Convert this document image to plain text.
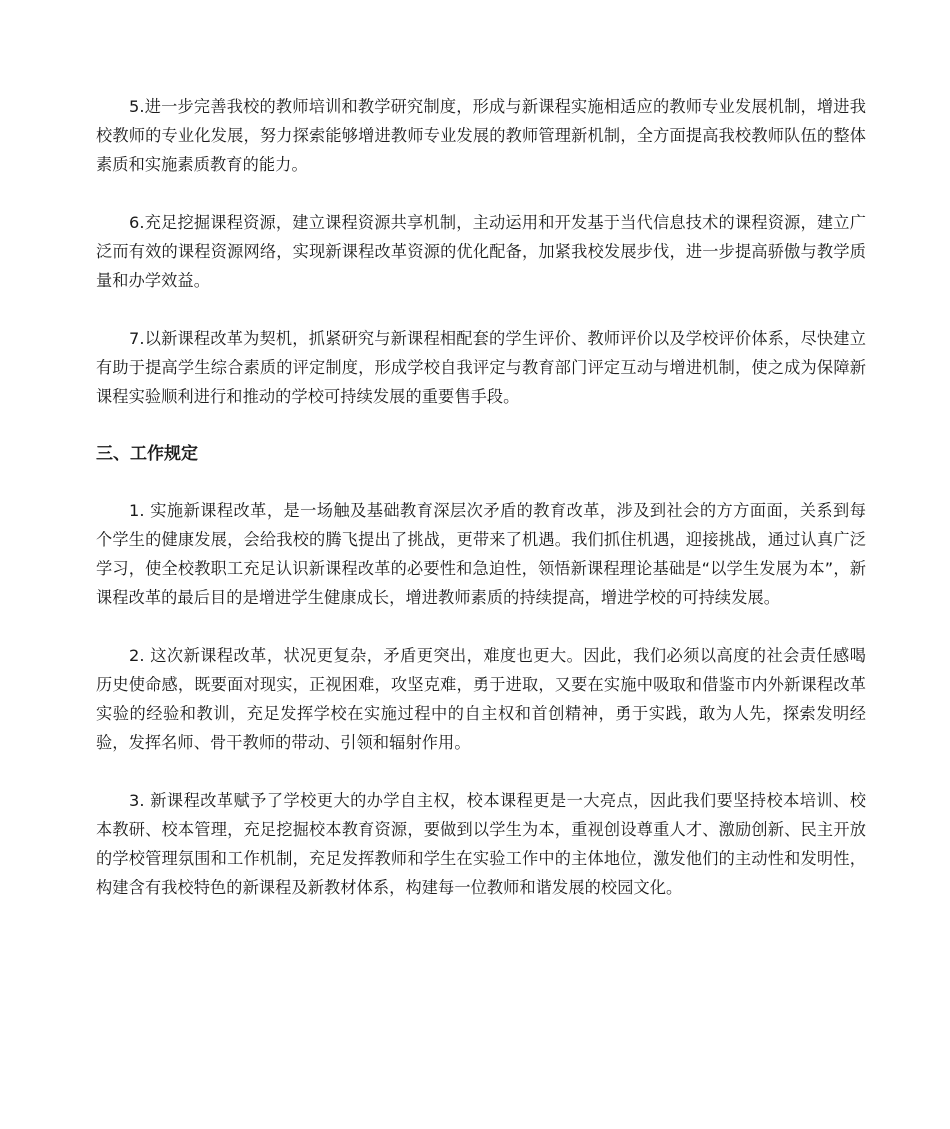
5.进一步完善我校的教师培训和教学研究制度，形成与新课程实施相适应的教师专业发展机制，增进我校教师的专业化发展，努力探索能够增进教师专业发展的教师管理新机制，全方面提高我校教师队伍的整体素质和实施素质教育的能力。

6.充足挖掘课程资源，建立课程资源共享机制，主动运用和开发基于当代信息技术的课程资源，建立广泛而有效的课程资源网络，实现新课程改革资源的优化配备，加紧我校发展步伐，进一步提高骄傲与教学质量和办学效益。

7.以新课程改革为契机，抓紧研究与新课程相配套的学生评价、教师评价以及学校评价体系，尽快建立有助于提高学生综合素质的评定制度，形成学校自我评定与教育部门评定互动与增进机制，使之成为保障新课程实验顺利进行和推动的学校可持续发展的重要售手段。

三、工作规定

1. 实施新课程改革，是一场触及基础教育深层次矛盾的教育改革，涉及到社会的方方面面，关系到每个学生的健康发展，会给我校的腾飞提出了挑战，更带来了机遇。我们抓住机遇，迎接挑战，通过认真广泛学习，使全校教职工充足认识新课程改革的必要性和急迫性，领悟新课程理论基础是“以学生发展为本”，新课程改革的最后目的是增进学生健康成长，增进教师素质的持续提高，增进学校的可持续发展。

2. 这次新课程改革，状况更复杂，矛盾更突出，难度也更大。因此，我们必须以高度的社会责任感喝历史使命感，既要面对现实，正视困难，攻坚克难，勇于进取，又要在实施中吸取和借鉴市内外新课程改革实验的经验和教训，充足发挥学校在实施过程中的自主权和首创精神，勇于实践，敢为人先，探索发明经验，发挥名师、骨干教师的带动、引领和辐射作用。

3. 新课程改革赋予了学校更大的办学自主权，校本课程更是一大亮点，因此我们要坚持校本培训、校本教研、校本管理，充足挖掘校本教育资源，要做到以学生为本，重视创设尊重人才、激励创新、民主开放的学校管理氛围和工作机制，充足发挥教师和学生在实验工作中的主体地位，激发他们的主动性和发明性，构建含有我校特色的新课程及新教材体系，构建每一位教师和谐发展的校园文化。
